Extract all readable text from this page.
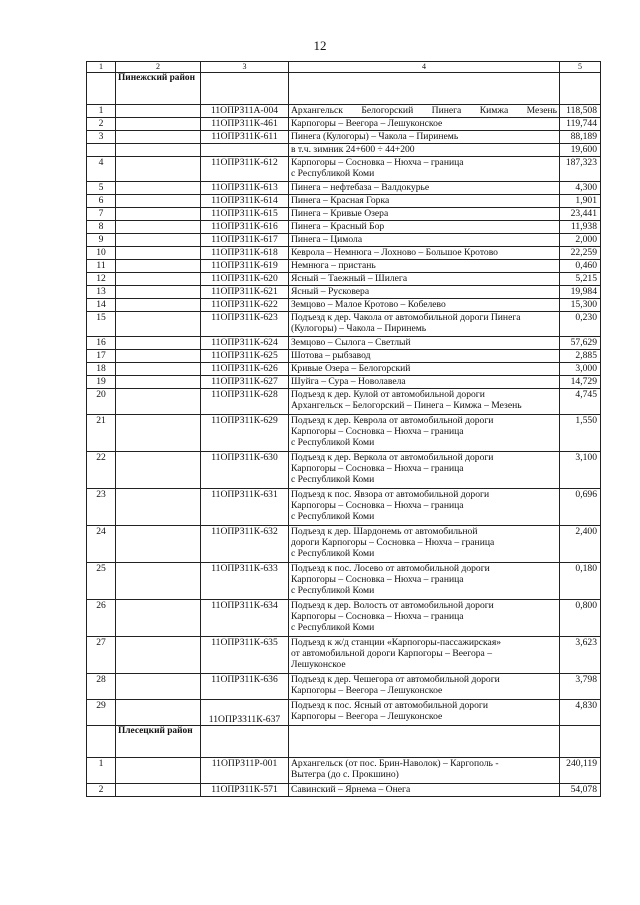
12
1	2	3	4	5
	Пинежский район			
1		11ОПРЗ11А-004	Архангельск Белогорский Пинега Кимжа Мезень	118,508
2		11ОПРЗ11К-461	Карпогоры – Веегора – Лешуконское	119,744
3		11ОПРЗ11К-611	Пинега (Кулогоры) – Чакола – Пиринемь	88,189
			в т.ч. зимник 24+600 ÷ 44+200	19,600
4		11ОПРЗ11К-612	Карпогоры – Сосновка – Нюхча – граница
с Республикой Коми	187,323
5		11ОПРЗ11К-613	Пинега – нефтебаза – Валдокурье	4,300
6		11ОПРЗ11К-614	Пинега – Красная Горка	1,901
7		11ОПРЗ11К-615	Пинега – Кривые Озера	23,441
8		11ОПРЗ11К-616	Пинега – Красный Бор	11,938
9		11ОПРЗ11К-617	Пинега – Цимола	2,000
10		11ОПРЗ11К-618	Кеврола – Немнюга – Лохново – Большое Кротово	22,259
11		11ОПРЗ11К-619	Немнюга – пристань	0,460
12		11ОПРЗ11К-620	Ясный – Таежный – Шилега	5,215
13		11ОПРЗ11К-621	Ясный – Русковера	19,984
14		11ОПРЗ11К-622	Земцово – Малое Кротово – Кобелево	15,300
15		11ОПРЗ11К-623	Подъезд к дер. Чакола от автомобильной дороги Пинега
(Кулогоры) – Чакола – Пиринемь	0,230
16		11ОПРЗ11К-624	Земцово – Сылога – Светлый	57,629
17		11ОПРЗ11К-625	Шотова – рыбзавод	2,885
18		11ОПРЗ11К-626	Кривые Озера – Белогорский	3,000
19		11ОПРЗ11К-627	Шуйга – Сура – Новолавела	14,729
20		11ОПРЗ11К-628	Подъезд к дер. Кулой от автомобильной дороги
Архангельск – Белогорский – Пинега – Кимжа – Мезень	4,745
21		11ОПРЗ11К-629	Подъезд к дер. Кеврола от автомобильной дороги
Карпогоры – Сосновка – Нюхча – граница
с Республикой Коми	1,550
22		11ОПРЗ11К-630	Подъезд к дер. Верколa от автомобильной дороги
Карпогоры – Сосновка – Нюхча – граница
с Республикой Коми	3,100
23		11ОПРЗ11К-631	Подъезд к пос. Явзора от автомобильной дороги
Карпогоры – Сосновка – Нюхча – граница
с Республикой Коми	0,696
24		11ОПРЗ11К-632	Подъезд к дер. Шардонемь от автомобильной
дороги Карпогоры – Сосновка – Нюхча – граница
с Республикой Коми	2,400
25		11ОПРЗ11К-633	Подъезд к пос. Лосево от автомобильной дороги
Карпогоры – Сосновка – Нюхча – граница
с Республикой Коми	0,180
26		11ОПРЗ11К-634	Подъезд к дер. Волость от автомобильной дороги
Карпогоры – Сосновка – Нюхча – граница
с Республикой Коми	0,800
27		11ОПРЗ11К-635	Подъезд к ж/д станции «Карпогоры-пассажирская»
от автомобильной дороги Карпогоры – Веегора –
Лешуконское	3,623
28		11ОПРЗ11К-636	Подъезд к дер. Чешегора от автомобильной дороги
Карпогоры – Веегора – Лешуконское	3,798
29		11ОПРЗЗ11К-637	Подъезд к пос. Ясный от автомобильной дороги
Карпогоры – Веегора – Лешуконское	4,830
	Плесецкий район			
1		11ОПРЗ11Р-001	Архангельск (от пос. Брин-Наволок) – Каргополь -
Вытегра (до с. Прокшино)	240,119
2		11ОПРЗ11К-571	Савинский – Ярнема – Онега	54,078
